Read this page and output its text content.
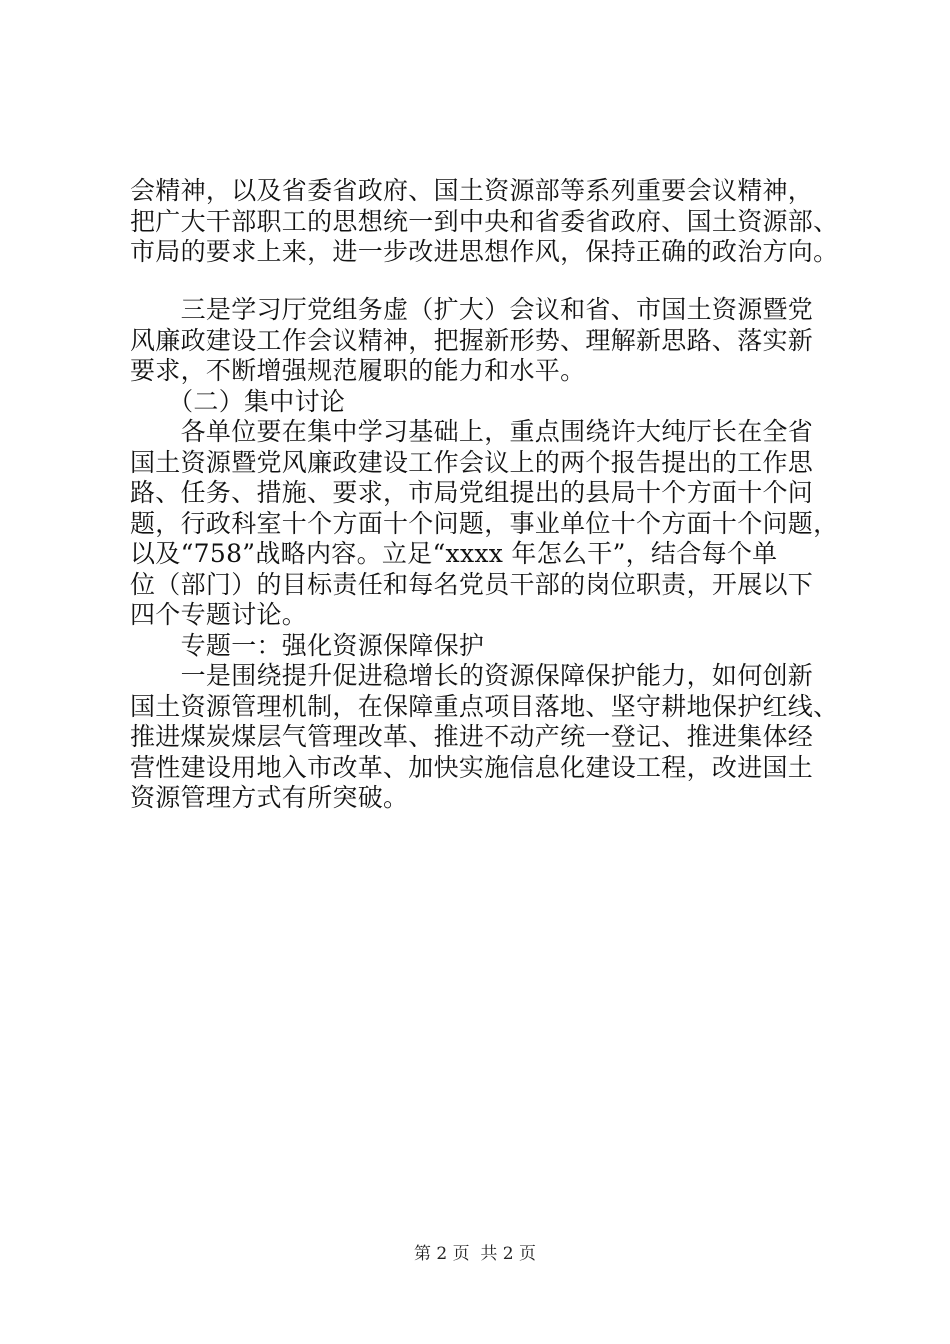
会精神，以及省委省政府、国土资源部等系列重要会议精神，
把广大干部职工的思想统一到中央和省委省政府、国土资源部、
市局的要求上来，进一步改进思想作风，保持正确的政治方向。
　　三是学习厅党组务虚（扩大）会议和省、市国土资源暨党
风廉政建设工作会议精神，把握新形势、理解新思路、落实新
要求，不断增强规范履职的能力和水平。
　　（二）集中讨论
　　各单位要在集中学习基础上，重点围绕许大纯厅长在全省
国土资源暨党风廉政建设工作会议上的两个报告提出的工作思
路、任务、措施、要求，市局党组提出的县局十个方面十个问
题，行政科室十个方面十个问题，事业单位十个方面十个问题，
以及“758”战略内容。立足“xxxx 年怎么干”，结合每个单
位（部门）的目标责任和每名党员干部的岗位职责，开展以下
四个专题讨论。
　　专题一：强化资源保障保护
　　一是围绕提升促进稳增长的资源保障保护能力，如何创新
国土资源管理机制，在保障重点项目落地、坚守耕地保护红线、
推进煤炭煤层气管理改革、推进不动产统一登记、推进集体经
营性建设用地入市改革、加快实施信息化建设工程，改进国土
资源管理方式有所突破。
第 2 页  共 2 页
